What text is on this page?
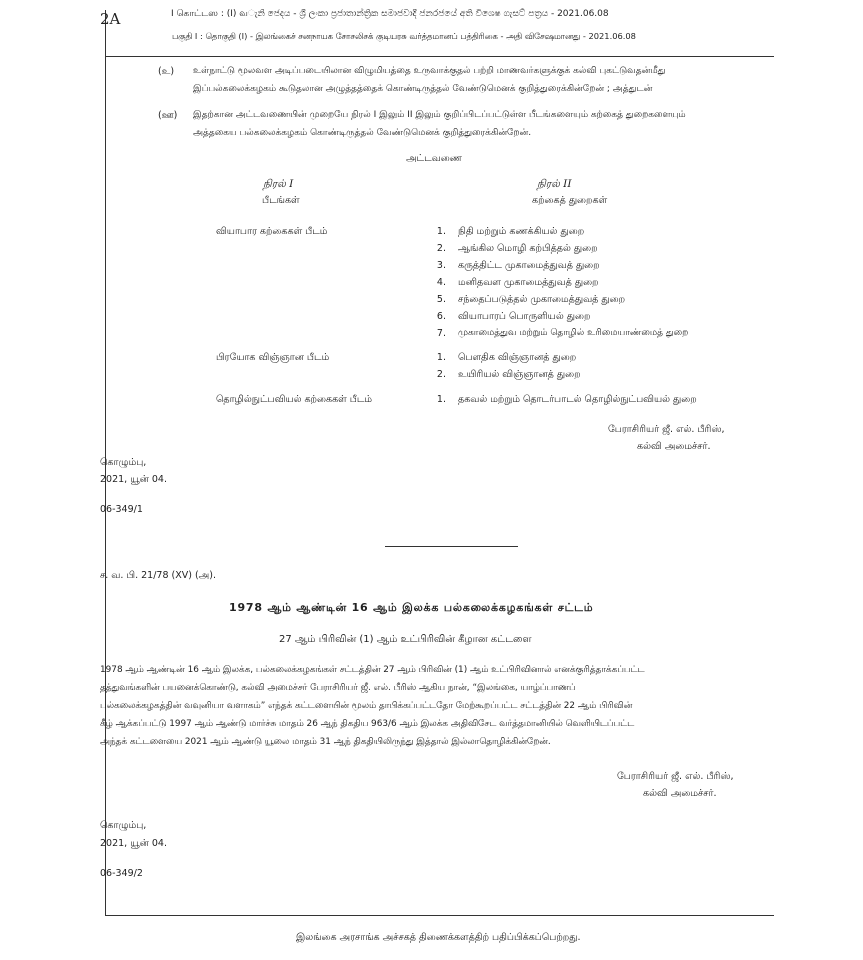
2A	I கொட்டஸ : (I) வැනි ජෙදය - ශ්‍රී ලංකා ප්‍රජාතාන්ත්‍රික සමාජවාදී ජනරජයේ අති විශෙෂ ගැසට් පත්‍රය - 2021.06.08
பகுதி I : தொகுதி (I) - இலங்கைச் சனநாயக சோசலிசக் குடியரசு வர்த்தமானப் பத்திரிகை - அதி விசேஷமானது - 2021.06.08
(உ) உள்நாட்டு மூலவள அடிப்படையிலான விழுமியத்தை உருவாக்குதல் பற்றி மாணவர்களுக்குக் கல்வி புகட்டுவதன்மீது
இப்பல்கலைக்கழகம் கூடுதலான அழுத்தத்தைக் கொண்டிருத்தல் வேண்டுமெனக் குறித்துரைக்கின்றேன் ; அத்துடன்
(ஊ) இதற்கான அட்டவணையின் முறையே நிரல் I இலும் II இலும் குறிப்பிடப்பட்டுள்ள பீடங்களையும் கற்கைத் துறைகளையும்
அத்தகைய பல்கலைக்கழகம் கொண்டிருத்தல் வேண்டுமெனக் குறித்துரைக்கின்றேன்.
அட்டவணை
நிரல் I
பீடங்கள்
நிரல் II
கற்கைத் துறைகள்
வியாபார கற்கைகள் பீடம்	1. நிதி மற்றும் கணக்கியல் துறை
2. ஆங்கில மொழி கற்பித்தல் துறை
3. கருத்திட்ட முகாமைத்துவத் துறை
4. மனிதவள முகாமைத்துவத் துறை
5. சந்தைப்படுத்தல் முகாமைத்துவத் துறை
6. வியாபாரப் பொருளியல் துறை
7. முகாமைத்துவ மற்றும் தொழில் உரிமையாண்மைத் துறை
பிரயோக விஞ்ஞான பீடம்	1. பௌதிக விஞ்ஞானத் துறை
2. உயிரியல் விஞ்ஞானத் துறை
தொழில்நுட்பவியல் கற்கைகள் பீடம்	1. தகவல் மற்றும் தொடர்பாடல் தொழில்நுட்பவியல் துறை
பேராசிரியர் ஜீ. எல். பீரிஸ்,
கல்வி அமைச்சர்.
கொழும்பு,
2021, யூன் 04.
06-349/1
ச. வ. பி. 21/78 (XV) (அ).
1978 ஆம் ஆண்டின் 16 ஆம் இலக்க பல்கலைக்கழகங்கள் சட்டம்
27 ஆம் பிரிவின் (1) ஆம் உட்பிரிவின் கீழான கட்டளை
1978 ஆம் ஆண்டின் 16 ஆம் இலக்க, பல்கலைக்கழகங்கள் சட்டத்தின் 27 ஆம் பிரிவின் (1) ஆம் உட்பிரிவினால் எனக்குரித்தாக்கப்பட்ட
தத்துவங்களின் பயனைக்கொண்டு, கல்வி அமைச்சர் பேராசிரியர் ஜீ. எல். பீரிஸ் ஆகிய நான், “இலங்கை, யாழ்ப்பாணப்
பல்கலைக்கழகத்தின் வவுனியா வளாகம்” எந்தக் கட்டளையின் மூலம் தாபிக்கப்பட்டதோ மேற்கூறப்பட்ட சட்டத்தின் 22 ஆம் பிரிவின்
கீழ் ஆக்கப்பட்டு 1997 ஆம் ஆண்டு மார்ச்சு மாதம் 26 ஆந் திகதிய 963/6 ஆம் இலக்க அதிவிசேட வர்த்தமானியில் வெளியிடப்பட்ட
அந்தக் கட்டளையை 2021 ஆம் ஆண்டு யூலை மாதம் 31 ஆந் திகதியிலிருந்து இத்தால் இல்லாதொழிக்கின்றேன்.
பேராசிரியர் ஜீ. எல். பீரிஸ்,
கல்வி அமைச்சர்.
கொழும்பு,
2021, யூன் 04.
06-349/2
இலங்கை அரசாங்க அச்சகத் திணைக்களத்திற் பதிப்பிக்கப்பெற்றது.
